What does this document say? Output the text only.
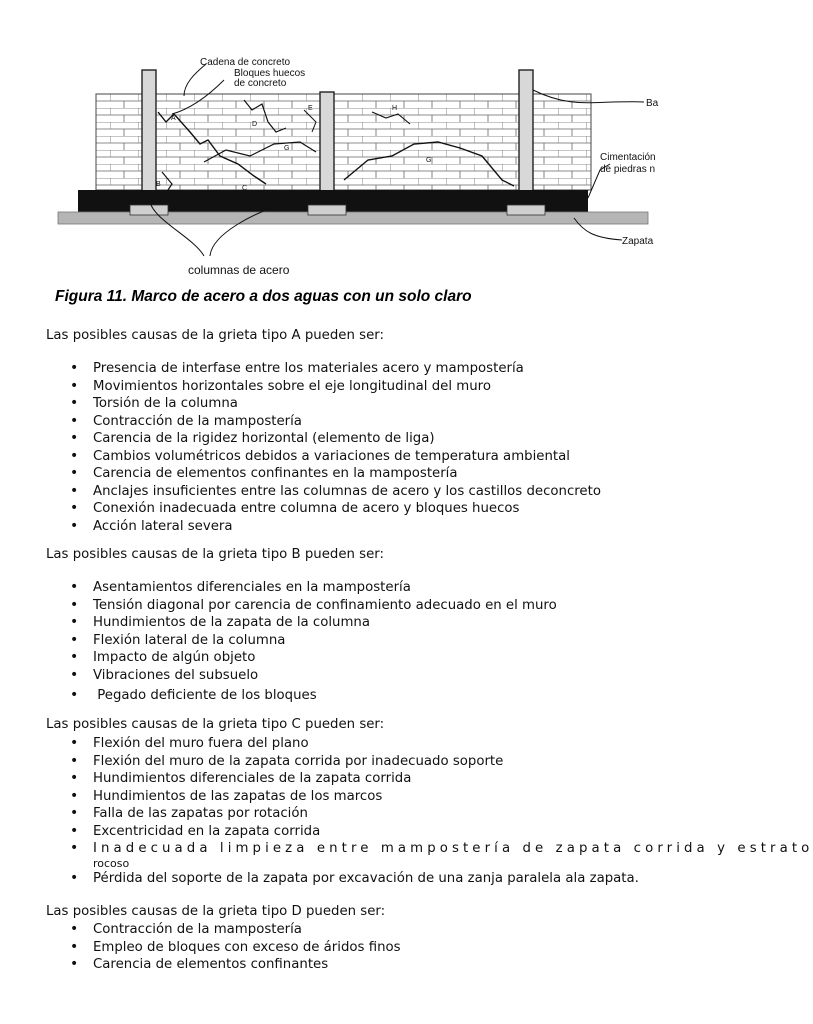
A
D
E
G
B
C
H
G
Cadena de concreto
Bloques huecos
de concreto
Ba
Cimentación
de piedras n
Zapata
columnas de acero
Figura 11. Marco de acero a dos aguas con un solo claro
Las posibles causas de la grieta tipo A pueden ser:
• Presencia de interfase entre los materiales acero y mampostería
• Movimientos horizontales sobre el eje longitudinal del muro
• Torsión de la columna
• Contracción de la mampostería
• Carencia de la rigidez horizontal (elemento de liga)
• Cambios volumétricos debidos a variaciones de temperatura ambiental
• Carencia de elementos confinantes en la mampostería
• Anclajes insuficientes entre las columnas de acero y los castillos deconcreto
• Conexión inadecuada entre columna de acero y bloques huecos
• Acción lateral severa
Las posibles causas de la grieta tipo B pueden ser:
• Asentamientos diferenciales en la mampostería
• Tensión diagonal por carencia de confinamiento adecuado en el muro
• Hundimientos de la zapata de la columna
• Flexión lateral de la columna
• Impacto de algún objeto
• Vibraciones del subsuelo
•  Pegado deficiente de los bloques
Las posibles causas de la grieta tipo C pueden ser:
• Flexión del muro fuera del plano
• Flexión del muro de la zapata corrida por inadecuado soporte
• Hundimientos diferenciales de la zapata corrida
• Hundimientos de las zapatas de los marcos
• Falla de las zapatas por rotación
• Excentricidad en la zapata corrida
• Inadecuada limpieza entre mampostería de zapata corrida y estrato
rocoso
• Pérdida del soporte de la zapata por excavación de una zanja paralela ala zapata.
Las posibles causas de la grieta tipo D pueden ser:
• Contracción de la mampostería
• Empleo de bloques con exceso de áridos finos
• Carencia de elementos confinantes
